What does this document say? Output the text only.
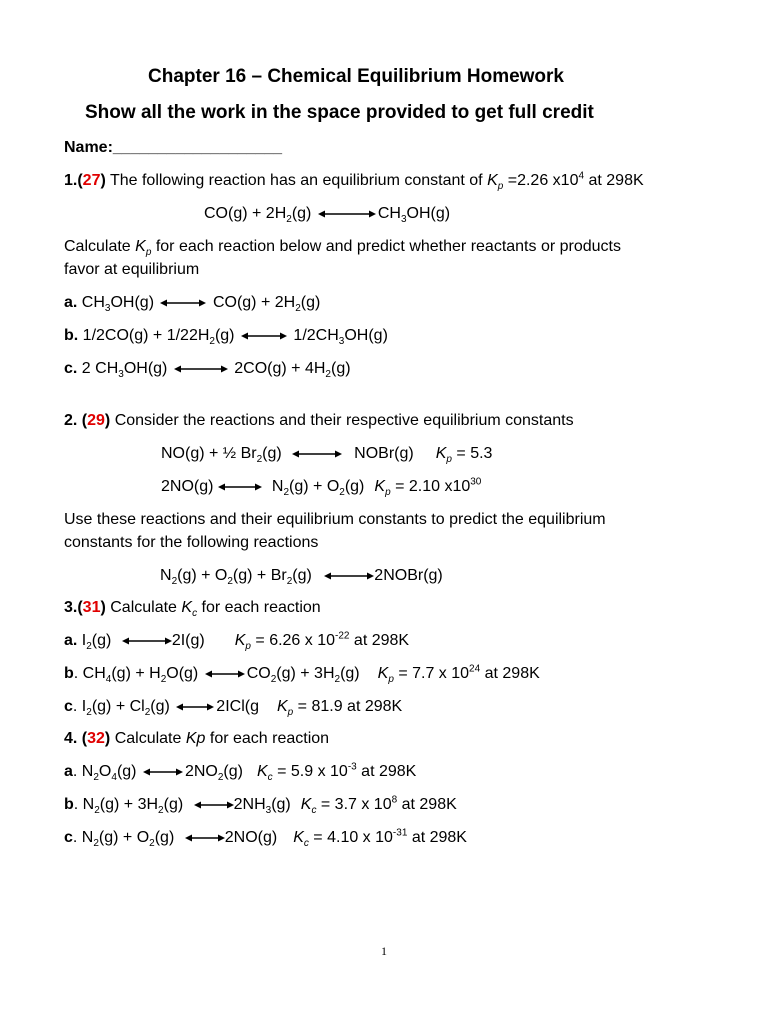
Chapter 16 – Chemical Equilibrium Homework
Show all the work in the space provided to get full credit
Name:___________________
1.(27) The following reaction has an equilibrium constant of $K_p =2.26$ $x10^4$ at 298K
$CO(g) + 2H_2(g)$	$CH_3OH(g)$
Calculate $K_p$ for each reaction below and predict whether reactants or products
favor at equilibrium
a. $CH_3OH(g)$	$CO(g) + 2H_2(g)$
b. $1/2CO(g) + 1/22H_2(g)$	$1/2CH_3OH(g)$
c. 2 $CH_3OH(g)$	$2CO(g) + 4H_2(g)$
2. (29) Consider the reactions and their respective equilibrium constants
NO(g) + ½ $Br_2(g)$	NOBr(g) $K_p = 5.3$
2NO(g)	$N_2(g) + O_2(g) K_p = 2.10$ $x10^{30}$
Use these reactions and their equilibrium constants to predict the equilibrium
constants for the following reactions
$N_2(g) + O_2(g) + Br_2(g)$	2NOBr(g)
3.(31) Calculate $K_c$ for each reaction
a. $I_2(g)$	2I(g) $K_p = 6.26$ x $10^{-22}$ at 298K
b. $CH_4(g) + H_2O(g)$	$CO_2(g) + 3H_2(g) K_p = 7.7$ x $10^{24}$ at 298K
c. $I_2(g) + Cl_2(g)$	2ICl(g $K_p = 81.9$ at 298K
4. (32) Calculate Kp for each reaction
a. $N_2O_4(g)$	$2NO_2(g) K_c = 5.9$ x $10^{-3}$ at 298K
b. $N_2(g) + 3H_2(g)$	$2NH_3(g) K_c = 3.7$ x $10^8$ at 298K
c. $N_2(g) + O_2(g)$	2NO(g) $K_c = 4.10$ x $10^{-31}$ at 298K
1
